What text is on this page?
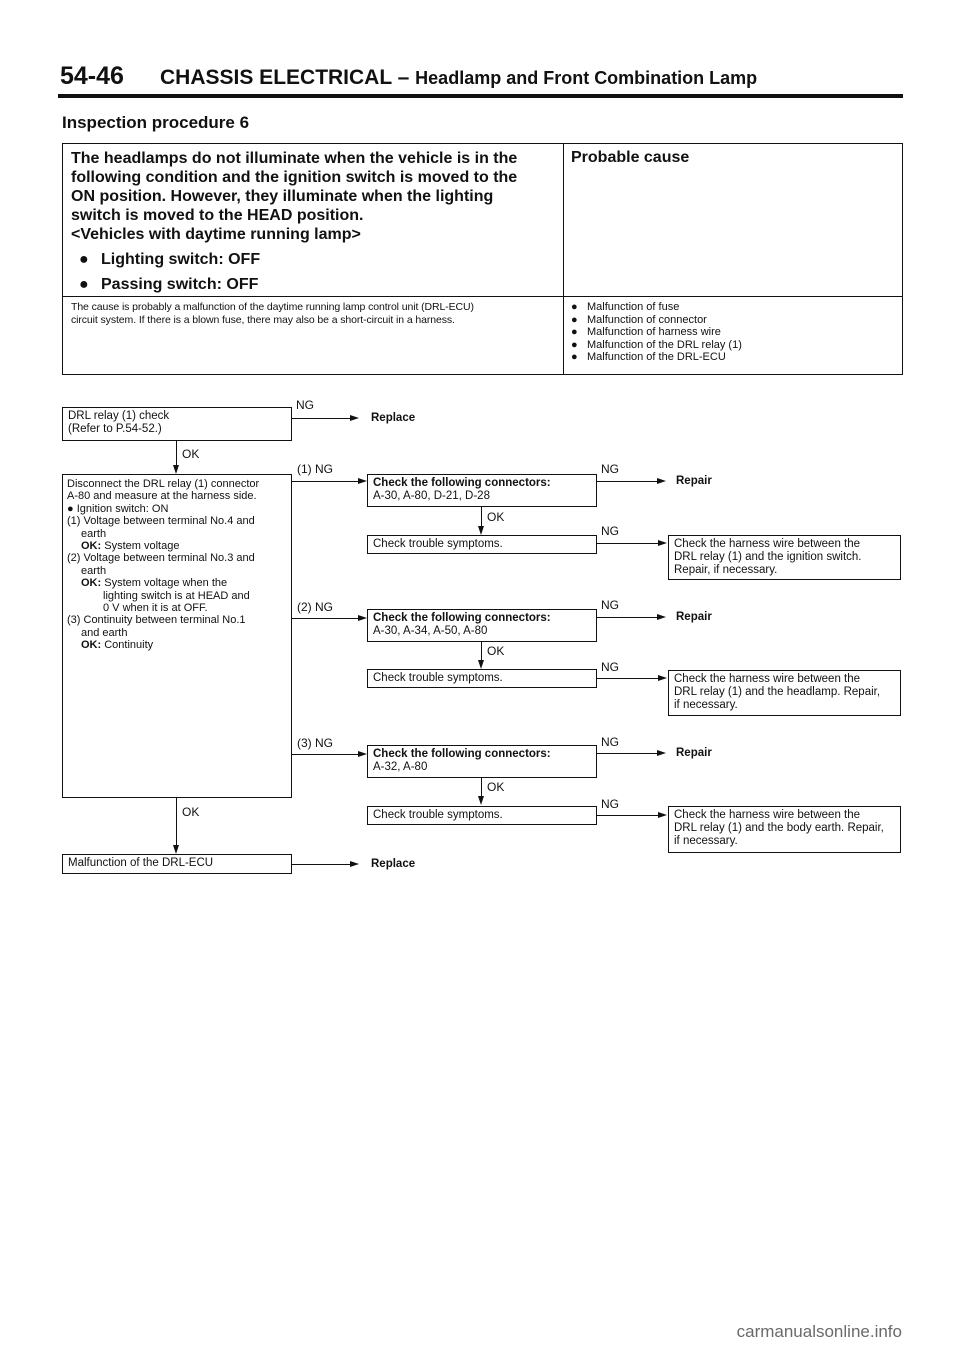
54-46 CHASSIS ELECTRICAL – Headlamp and Front Combination Lamp
Inspection procedure 6
The headlamps do not illuminate when the vehicle is in the
following condition and the ignition switch is moved to the
ON position. However, they illuminate when the lighting
switch is moved to the HEAD position.
<Vehicles with daytime running lamp>
● Lighting switch: OFF
● Passing switch: OFF
Probable cause
The cause is probably a malfunction of the daytime running lamp control unit (DRL-ECU)
circuit system. If there is a blown fuse, there may also be a short-circuit in a harness.
● Malfunction of fuse
● Malfunction of connector
● Malfunction of harness wire
● Malfunction of the DRL relay (1)
● Malfunction of the DRL-ECU
DRL relay (1) check
(Refer to P.54-52.)
NG
Replace
OK
Disconnect the DRL relay (1) connector
A-80 and measure at the harness side.
● Ignition switch: ON
(1) Voltage between terminal No.4 and
earth
OK: System voltage
(2) Voltage between terminal No.3 and
earth
OK: System voltage when the
lighting switch is at HEAD and
0 V when it is at OFF.
(3) Continuity between terminal No.1
and earth
OK: Continuity
(1) NG
Check the following connectors:
A-30, A-80, D-21, D-28
NG
Repair
OK
Check trouble symptoms.
NG
Check the harness wire between the
DRL relay (1) and the ignition switch.
Repair, if necessary.
(2) NG
Check the following connectors:
A-30, A-34, A-50, A-80
NG
Repair
OK
Check trouble symptoms.
NG
Check the harness wire between the
DRL relay (1) and the headlamp. Repair,
if necessary.
(3) NG
Check the following connectors:
A-32, A-80
NG
Repair
OK
Check trouble symptoms.
NG
Check the harness wire between the
DRL relay (1) and the body earth. Repair,
if necessary.
OK
Malfunction of the DRL-ECU	Replace
carmanualsonline.info
